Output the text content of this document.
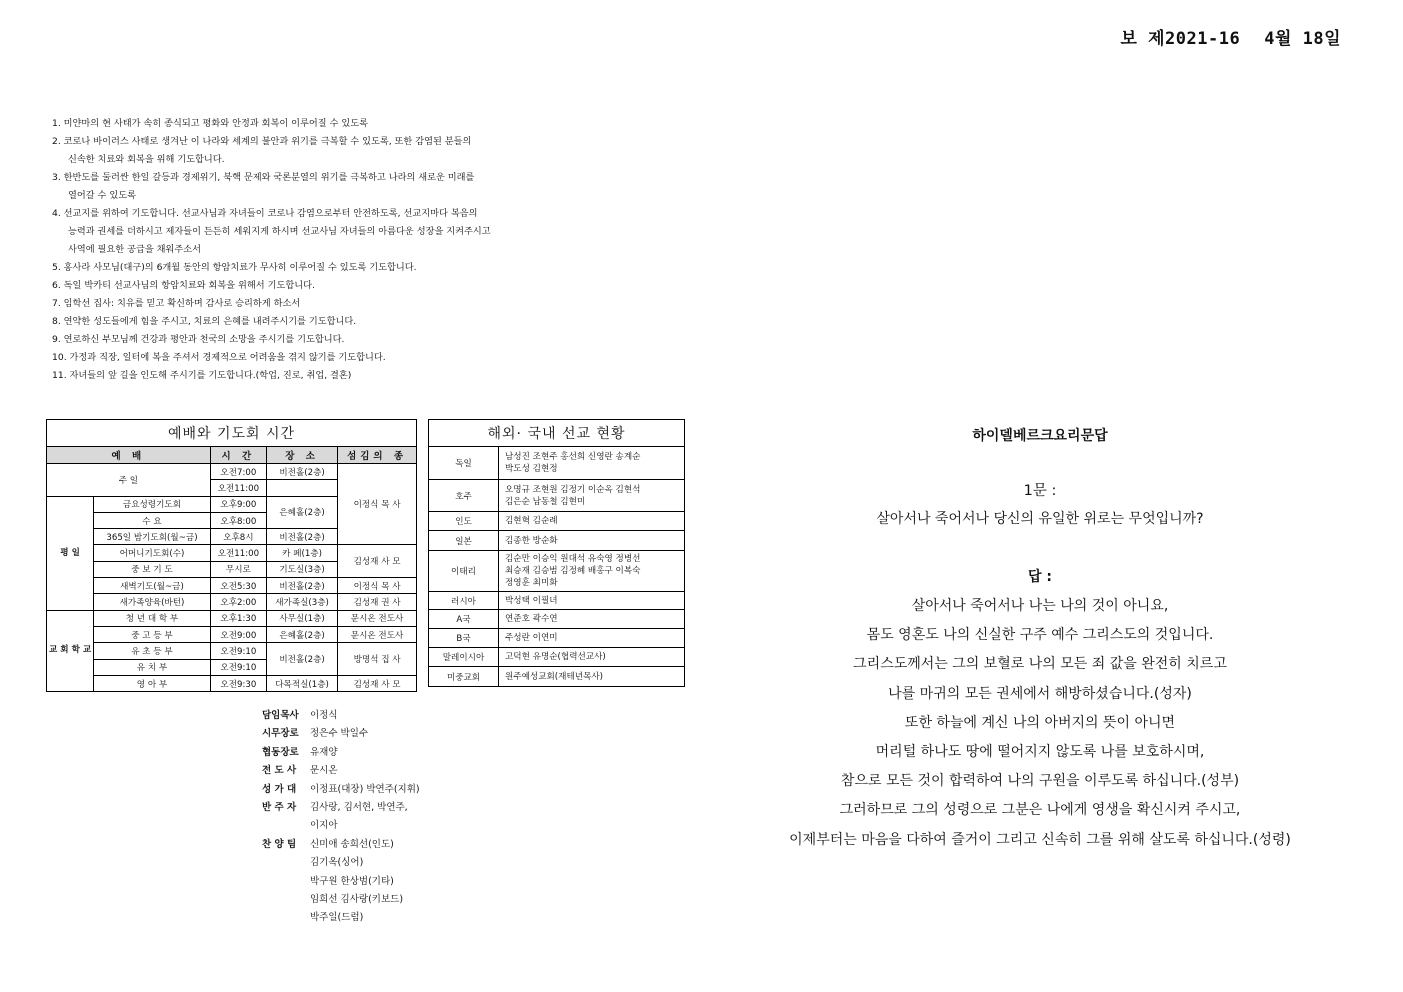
보 제2021-16 4월 18일
1. 미얀마의 현 사태가 속히 종식되고 평화와 안정과 회복이 이루어질 수 있도록
2. 코로나 바이러스 사태로 생겨난 이 나라와 세계의 불안과 위기를 극복할 수 있도록, 또한 감염된 분들의
신속한 치료와 회복을 위해 기도합니다.
3. 한반도를 둘러싼 한일 갈등과 경제위기, 북핵 문제와 국론분열의 위기를 극복하고 나라의 새로운 미래를
열어갈 수 있도록
4. 선교지를 위하여 기도합니다. 선교사님과 자녀들이 코로나 감염으로부터 안전하도록, 선교지마다 복음의
능력과 권세를 더하시고 제자들이 든든히 세워지게 하시며 선교사님 자녀들의 아름다운 성장을 지켜주시고
사역에 필요한 공급을 채워주소서
5. 홍사라 사모님(대구)의 6개월 동안의 항암치료가 무사히 이루어질 수 있도록 기도합니다.
6. 독일 박카티 선교사님의 항암치료와 회복을 위해서 기도합니다.
7. 임학선 집사: 치유를 믿고 확신하며 감사로 승리하게 하소서
8. 연약한 성도들에게 힘을 주시고, 치료의 은혜를 내려주시기를 기도합니다.
9. 연로하신 부모님께 건강과 평안과 천국의 소망을 주시기를 기도합니다.
10. 가정과 직장, 일터에 복을 주셔서 경제적으로 어려움을 겪지 않기를 기도합니다.
11. 자녀들의 앞 길을 인도해 주시기를 기도합니다.(학업, 진로, 취업, 결혼)
예배와 기도회 시간				
예 배		시 간	장 소	섬김의 종
주 일		오전7:00	비전홀(2층)	이정식 목 사
		오전11:00		
평 일	금요성령기도회	오후9:00	은혜홀(2층)	
	수 요	오후8:00		
	365일 밤기도회(월~금)	오후8시	비전홀(2층)	
	어머니기도회(수)	오전11:00	카 페(1층)	김성재 사 모
	중 보 기 도	무시로	기도실(3층)	
	새벽기도(월~금)	오전5:30	비전홀(2층)	이정식 목 사
	새가족양육(바턴)	오후2:00	새가족실(3층)	김성재 권 사
교 회 학 교	청 년 대 학 부	오후1:30	사무실(1층)	문시온 전도사
	중 고 등 부	오전9:00	은혜홀(2층)	문시온 전도사
	유 초 등 부	오전9:10	비전홀(2층)	방명석 집 사
	유 치 부	오전9:10		
	영 아 부	오전9:30	다목적실(1층)	김성재 사 모
해외· 국내 선교 현황	
독일	남성진 조현주 홍선희 신영란 송계순
박도성 김현정

호주	오명규 조현원 김정기 이순옥 김현석
김은순 남동철 김현미

인도	김현혁 김순례
일본	김종한 방순화
이태리	김순만 이승익 원대석 유숙영 정병선
최승재 김승범 김정혜 배홍구 이복숙
정영훈 최미화

러시아	박성택 이필녀
A국	연준호 곽수연
B국	주성란 이연미
말레이시아	고덕현 유명순(협력선교사)
미중교회	원주예성교회(재테년목사)
담임목사 이정식
시무장로 정은수 박일수
협동장로 유재양
전 도 사 문시온
성 가 대 이정표(대장) 박연주(지휘)
반 주 자 김사랑, 김서현, 박연주,
이지아
찬 양 팀 신미애 송희선(인도)
김기옥(싱어)
박구원 한상범(기타)
임희선 김사랑(키보드)
박주일(드럼)
하이델베르크요리문답
1문 :
살아서나 죽어서나 당신의 유일한 위로는 무엇입니까?
답 :
살아서나 죽어서나 나는 나의 것이 아니요,
몸도 영혼도 나의 신실한 구주 예수 그리스도의 것입니다.
그리스도께서는 그의 보혈로 나의 모든 죄 값을 완전히 치르고
나를 마귀의 모든 권세에서 해방하셨습니다.(성자)
또한 하늘에 계신 나의 아버지의 뜻이 아니면
머리털 하나도 땅에 떨어지지 않도록 나를 보호하시며,
참으로 모든 것이 합력하여 나의 구원을 이루도록 하십니다.(성부)
그러하므로 그의 성령으로 그분은 나에게 영생을 확신시켜 주시고,
이제부터는 마음을 다하여 즐거이 그리고 신속히 그를 위해 살도록 하십니다.(성령)
